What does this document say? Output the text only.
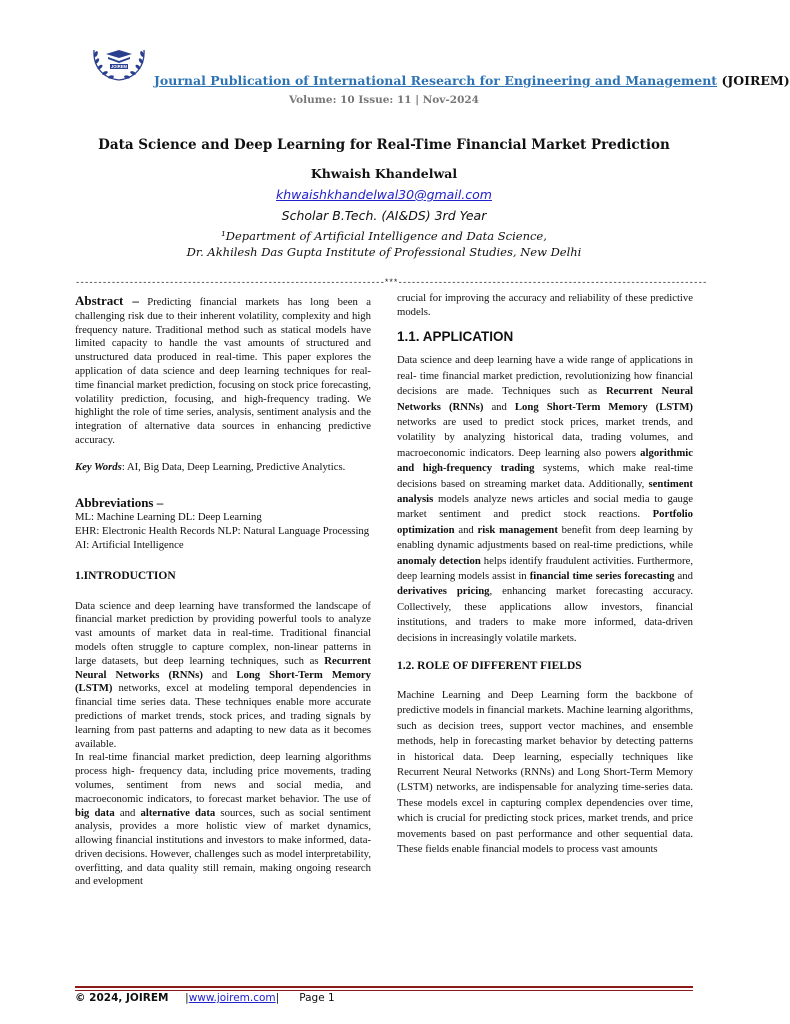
JOIREM
Journal Publication of International Research for Engineering and Management (JOIREM)
Volume: 10 Issue: 11 | Nov-2024
Data Science and Deep Learning for Real-Time Financial Market Prediction
Khwaish Khandelwal
khwaishkhandelwal30@gmail.com
Scholar B.Tech. (AI&DS) 3rd Year
¹Department of Artificial Intelligence and Data Science,
Dr. Akhilesh Das Gupta Institute of Professional Studies, New Delhi
---------------------------------------------------------------------***---------------------------------------------------------------------

Abstract – Predicting financial markets has long been a challenging risk due to their inherent volatility, complexity and high frequency nature. Traditional method such as statical models have limited capacity to handle the vast amounts of structured and unstructured data produced in real-time. This paper explores the application of data science and deep learning techniques for real-time financial market prediction, focusing on stock price forecasting, volatility prediction, focusing, and high-frequency trading. We highlight the role of time series, analysis, sentiment analysis and the integration of alternative data sources in enhancing predictive accuracy.

Key Words: AI, Big Data, Deep Learning, Predictive Analytics.

Abbreviations –

ML: Machine Learning DL: Deep Learning

EHR: Electronic Health Records NLP: Natural Language Processing

AI: Artificial Intelligence

1.INTRODUCTION

Data science and deep learning have transformed the landscape of financial market prediction by providing powerful tools to analyze vast amounts of market data in real-time. Traditional financial models often struggle to capture complex, non-linear patterns in large datasets, but deep learning techniques, such as Recurrent Neural Networks (RNNs) and Long Short-Term Memory (LSTM) networks, excel at modeling temporal dependencies in financial time series data. These techniques enable more accurate predictions of market trends, stock prices, and trading signals by learning from past patterns and adapting to new data as it becomes available.

In real-time financial market prediction, deep learning algorithms process high- frequency data, including price movements, trading volumes, sentiment from news and social media, and macroeconomic indicators, to forecast market behavior. The use of big data and alternative data sources, such as social sentiment analysis, provides a more holistic view of market dynamics, allowing financial institutions and investors to make informed, data-driven decisions. However, challenges such as model interpretability, overfitting, and data quality still remain, making ongoing research and evelopment

crucial for improving the accuracy and reliability of these predictive models.

1.1. APPLICATION

Data science and deep learning have a wide range of applications in real- time financial market prediction, revolutionizing how financial decisions are made. Techniques such as Recurrent Neural Networks (RNNs) and Long Short-Term Memory (LSTM) networks are used to predict stock prices, market trends, and volatility by analyzing historical data, trading volumes, and macroeconomic indicators. Deep learning also powers algorithmic and high-frequency trading systems, which make real-time decisions based on streaming market data. Additionally, sentiment analysis models analyze news articles and social media to gauge market sentiment and predict stock reactions. Portfolio optimization and risk management benefit from deep learning by enabling dynamic adjustments based on real-time predictions, while anomaly detection helps identify fraudulent activities. Furthermore, deep learning models assist in financial time series forecasting and derivatives pricing, enhancing market forecasting accuracy. Collectively, these applications allow investors, financial institutions, and traders to make more informed, data-driven decisions in increasingly volatile markets.

1.2. ROLE OF DIFFERENT FIELDS

Machine Learning and Deep Learning form the backbone of predictive models in financial markets. Machine learning algorithms, such as decision trees, support vector machines, and ensemble methods, help in forecasting market behavior by detecting patterns in historical data. Deep learning, especially techniques like Recurrent Neural Networks (RNNs) and Long Short-Term Memory (LSTM) networks, are indispensable for analyzing time-series data. These models excel in capturing complex dependencies over time, which is crucial for predicting stock prices, market trends, and price movements based on past performance and other sequential data. These fields enable financial models to process vast amounts

© 2024, JOIREM     |www.joirem.com|      Page 1
